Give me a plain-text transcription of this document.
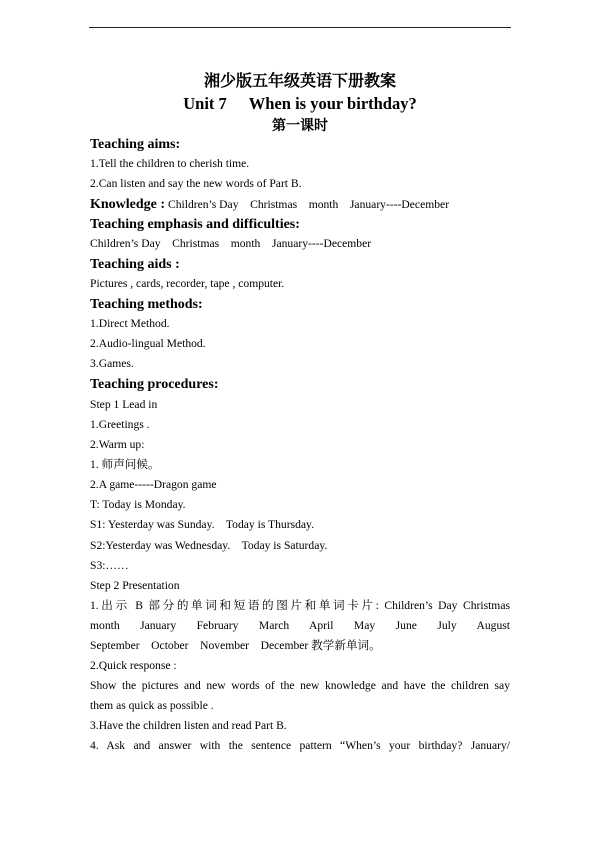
湘少版五年级英语下册教案
Unit 7 When is your birthday?
第一课时
Teaching aims:
1.Tell the children to cherish time.
2.Can listen and say the new words of Part B.
Knowledge : Children’s Day    Christmas    month    January----December
Teaching emphasis and difficulties:
Children’s Day    Christmas    month    January----December
Teaching aids :
Pictures , cards, recorder, tape , computer.
Teaching methods:
1.Direct Method.
2.Audio-lingual Method.
3.Games.
Teaching procedures:
Step 1 Lead in
1.Greetings .
2.Warm up:
1. 师声问候。
2.A game-----Dragon game
T: Today is Monday.
S1: Yesterday was Sunday.    Today is Thursday.
S2:Yesterday was Wednesday.    Today is Saturday.
S3:……
Step 2 Presentation
1.出示 B 部分的单词和短语的图片和单词卡片: Children’s Day Christmas
month January February March April May June July August
September    October    November    December 教学新单词。
2.Quick response :
Show the pictures and new words of the new knowledge and have the children say
them as quick as possible .
3.Have the children listen and read Part B.
4. Ask and answer with the sentence pattern “When’s your birthday? January/
